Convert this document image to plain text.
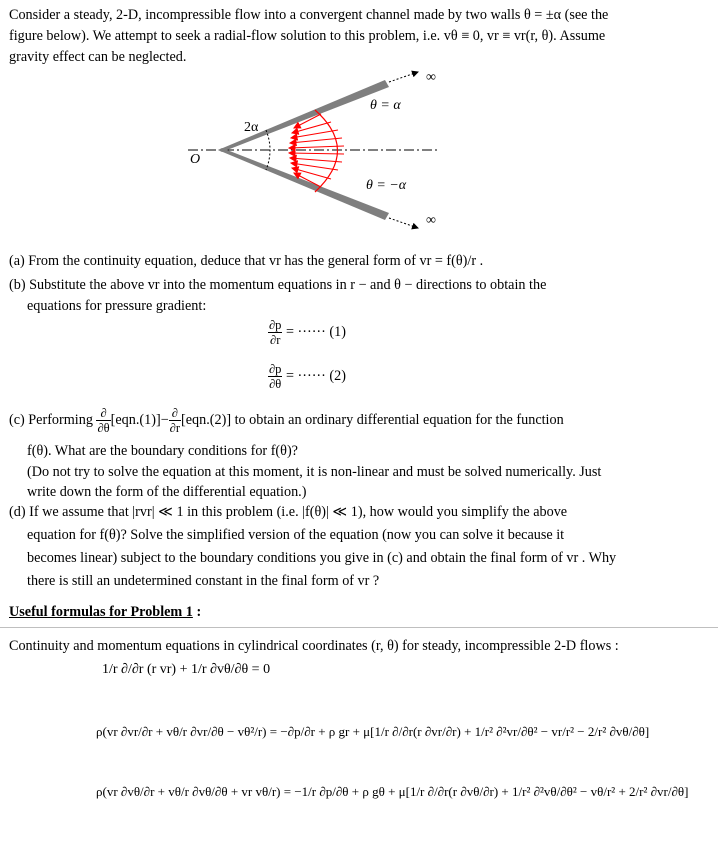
Consider a steady, 2-D, incompressible flow into a convergent channel made by two walls θ = ±α (see the
figure below). We attempt to seek a radial-flow solution to this problem, i.e. vθ ≡ 0, vr ≡ vr(r, θ). Assume
gravity effect can be neglected.
O
2α
θ = α
θ = −α
∞
∞
(a) From the continuity equation, deduce that vr has the general form of vr = f(θ)/r .
(b) Substitute the above vr into the momentum equations in r − and θ − directions to obtain the
equations for pressure gradient:
$\frac{\partial p}{\partial r}$ = ······ (1)
$\frac{\partial p}{\partial\theta}$ = ······ (2)
(c) Performing $\frac{\partial}{\partial\theta} [eqn.(1)]- \frac{\partial}{\partial r} [eqn.(2)]$ to obtain an ordinary differential equation for the function
f(θ). What are the boundary conditions for f(θ)?
(Do not try to solve the equation at this moment, it is non-linear and must be solved numerically. Just
write down the form of the differential equation.)
(d) If we assume that |rvr| ≪ 1 in this problem (i.e. |f(θ)| ≪ 1), how would you simplify the above
equation for f(θ)? Solve the simplified version of the equation (now you can solve it because it
becomes linear) subject to the boundary conditions you give in (c) and obtain the final form of vr . Why
there is still an undetermined constant in the final form of vr ?
Useful formulas for Problem 1 :
Continuity and momentum equations in cylindrical coordinates (r, θ) for steady, incompressible 2-D flows :
1/r ∂/∂r (r vr) + 1/r ∂vθ/∂θ = 0
ρ(vr ∂vr/∂r + vθ/r ∂vr/∂θ − vθ²/r) = −∂p/∂r + ρ gr + μ[1/r ∂/∂r(r ∂vr/∂r) + 1/r² ∂²vr/∂θ² − vr/r² − 2/r² ∂vθ/∂θ]
ρ(vr ∂vθ/∂r + vθ/r ∂vθ/∂θ + vr vθ/r) = −1/r ∂p/∂θ + ρ gθ + μ[1/r ∂/∂r(r ∂vθ/∂r) + 1/r² ∂²vθ/∂θ² − vθ/r² + 2/r² ∂vr/∂θ]
